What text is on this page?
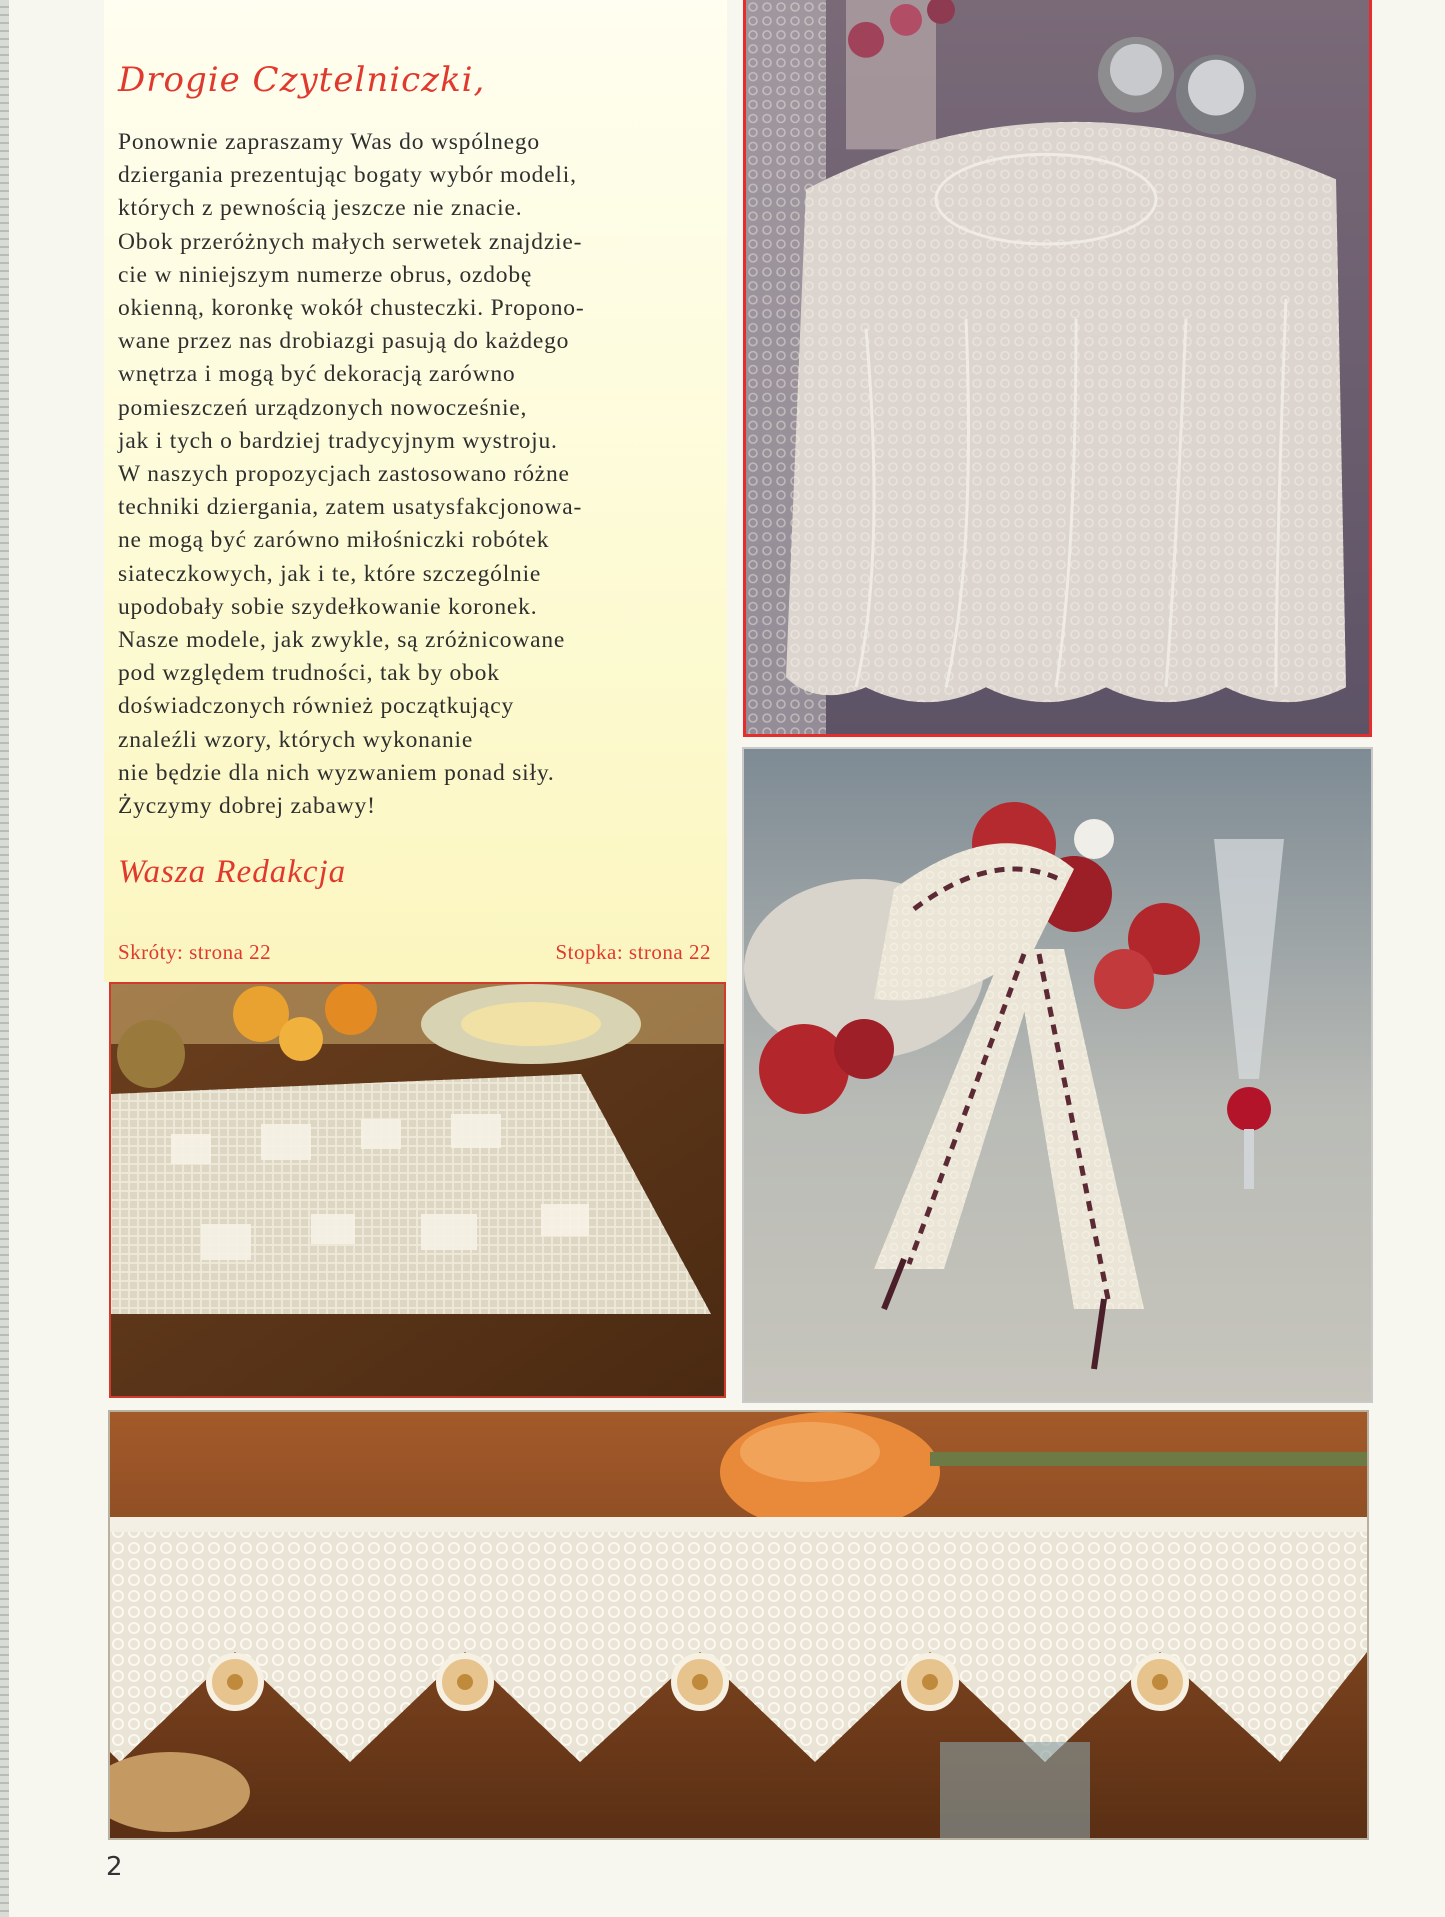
Drogie Czytelniczki,

Ponownie zapraszamy Was do wspólnego
dziergania prezentując bogaty wybór modeli,
których z pewnością jeszcze nie znacie.
Obok przeróżnych małych serwetek znajdzie-
cie w niniejszym numerze obrus, ozdobę
okienną, koronkę wokół chusteczki. Propono-
wane przez nas drobiazgi pasują do każdego
wnętrza i mogą być dekoracją zarówno
pomieszczeń urządzonych nowocześnie,
jak i tych o bardziej tradycyjnym wystroju.
W naszych propozycjach zastosowano różne
techniki dziergania, zatem usatysfakcjonowa-
ne mogą być zarówno miłośniczki robótek
siateczkowych, jak i te, które szczególnie
upodobały sobie szydełkowanie koronek.
Nasze modele, jak zwykle, są zróżnicowane
pod względem trudności, tak by obok
doświadczonych również początkujący
znaleźli wzory, których wykonanie
nie będzie dla nich wyzwaniem ponad siły.
Życzymy dobrej zabawy!

Wasza Redakcja

Skróty: strona 22	Stopka: strona 22

2
